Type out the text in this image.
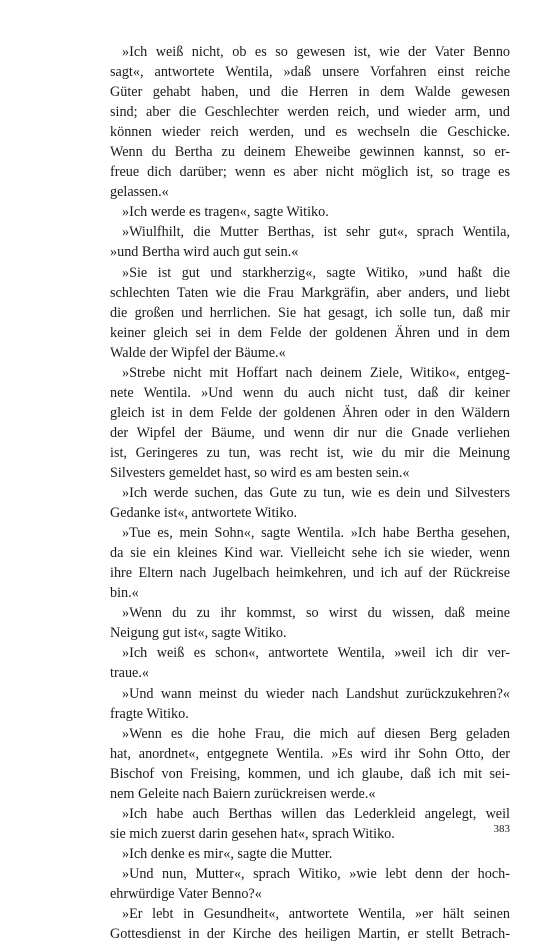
»Ich weiß nicht, ob es so gewesen ist, wie der Vater Benno
sagt«, antwortete Wentila, »daß unsere Vorfahren einst reiche
Güter gehabt haben, und die Herren in dem Walde gewesen
sind; aber die Geschlechter werden reich, und wieder arm, und
können wieder reich werden, und es wechseln die Geschicke.
Wenn du Bertha zu deinem Eheweibe gewinnen kannst, so er-
freue dich darüber; wenn es aber nicht möglich ist, so trage es
gelassen.«
»Ich werde es tragen«, sagte Witiko.
»Wiulfhilt, die Mutter Berthas, ist sehr gut«, sprach Wentila,
»und Bertha wird auch gut sein.«
»Sie ist gut und starkherzig«, sagte Witiko, »und haßt die
schlechten Taten wie die Frau Markgräfin, aber anders, und liebt
die großen und herrlichen. Sie hat gesagt, ich solle tun, daß mir
keiner gleich sei in dem Felde der goldenen Ähren und in dem
Walde der Wipfel der Bäume.«
»Strebe nicht mit Hoffart nach deinem Ziele, Witiko«, entgeg-
nete Wentila. »Und wenn du auch nicht tust, daß dir keiner
gleich ist in dem Felde der goldenen Ähren oder in den Wäldern
der Wipfel der Bäume, und wenn dir nur die Gnade verliehen
ist, Geringeres zu tun, was recht ist, wie du mir die Meinung
Silvesters gemeldet hast, so wird es am besten sein.«
»Ich werde suchen, das Gute zu tun, wie es dein und Silvesters
Gedanke ist«, antwortete Witiko.
»Tue es, mein Sohn«, sagte Wentila. »Ich habe Bertha gesehen,
da sie ein kleines Kind war. Vielleicht sehe ich sie wieder, wenn
ihre Eltern nach Jugelbach heimkehren, und ich auf der Rückreise
bin.«
»Wenn du zu ihr kommst, so wirst du wissen, daß meine
Neigung gut ist«, sagte Witiko.
»Ich weiß es schon«, antwortete Wentila, »weil ich dir ver-
traue.«
»Und wann meinst du wieder nach Landshut zurückzukehren?«
fragte Witiko.
»Wenn es die hohe Frau, die mich auf diesen Berg geladen
hat, anordnet«, entgegnete Wentila. »Es wird ihr Sohn Otto, der
Bischof von Freising, kommen, und ich glaube, daß ich mit sei-
nem Geleite nach Baiern zurückreisen werde.«
»Ich habe auch Berthas willen das Lederkleid angelegt, weil
sie mich zuerst darin gesehen hat«, sprach Witiko.
»Ich denke es mir«, sagte die Mutter.
»Und nun, Mutter«, sprach Witiko, »wie lebt denn der hoch-
ehrwürdige Vater Benno?«
»Er lebt in Gesundheit«, antwortete Wentila, »er hält seinen
Gottesdienst in der Kirche des heiligen Martin, er stellt Betrach-
383
